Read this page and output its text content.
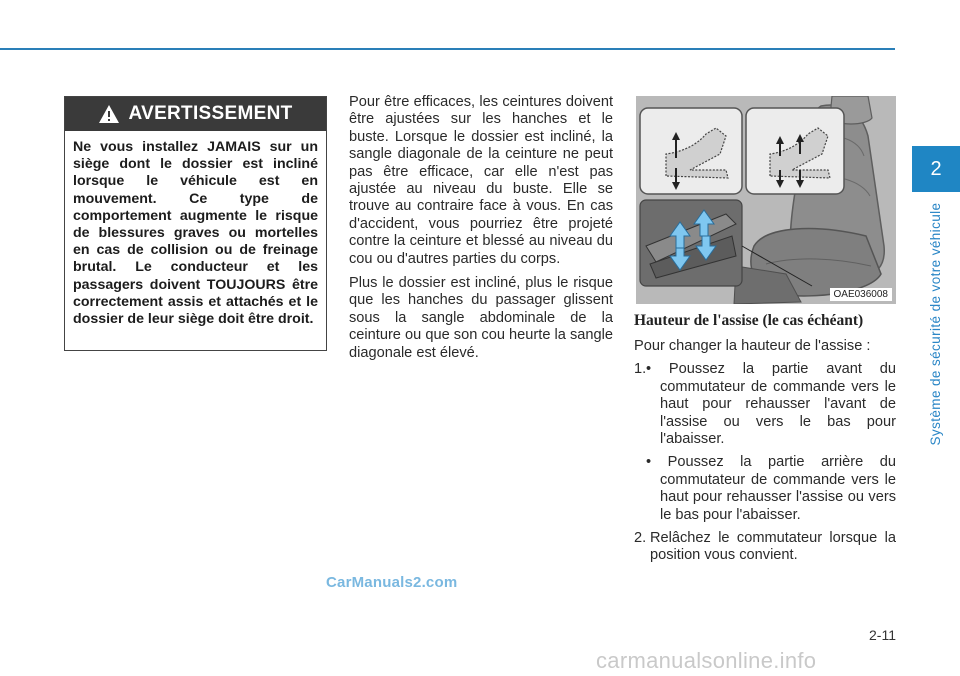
AVERTISSEMENT
Ne vous installez JAMAIS sur un siège dont le dossier est incliné lorsque le véhicule est en mouvement. Ce type de comportement augmente le risque de blessures graves ou mortelles en cas de collision ou de freinage brutal. Le conducteur et les passagers doivent TOUJOURS être correctement assis et attachés et le dossier de leur siège doit être droit.

Pour être efficaces, les ceintures doivent être ajustées sur les hanches et le buste. Lorsque le dossier est incliné, la sangle diagonale de la ceinture ne peut pas être efficace, car elle n'est pas ajustée au niveau du buste. Elle se trouve au contraire face à vous. En cas d'accident, vous pourriez être projeté contre la ceinture et blessé au niveau du cou ou d'autres parties du corps.

Plus le dossier est incliné, plus le risque que les hanches du passager glissent sous la sangle abdominale de la ceinture ou que son cou heurte la sangle diagonale est élevé.

OAE036008
Hauteur de l'assise (le cas échéant)
Pour changer la hauteur de l'assise :
1.• Poussez la partie avant du commutateur de commande vers le haut pour rehausser l'avant de l'assise ou vers le bas pour l'abaisser.
• Poussez la partie arrière du commutateur de commande vers le haut pour rehausser l'assise ou vers le bas pour l'abaisser.
2. Relâchez le commutateur lorsque la position vous convient.
2
Système de sécurité de votre véhicule
2-11
CarManuals2.com
carmanualsonline.info
